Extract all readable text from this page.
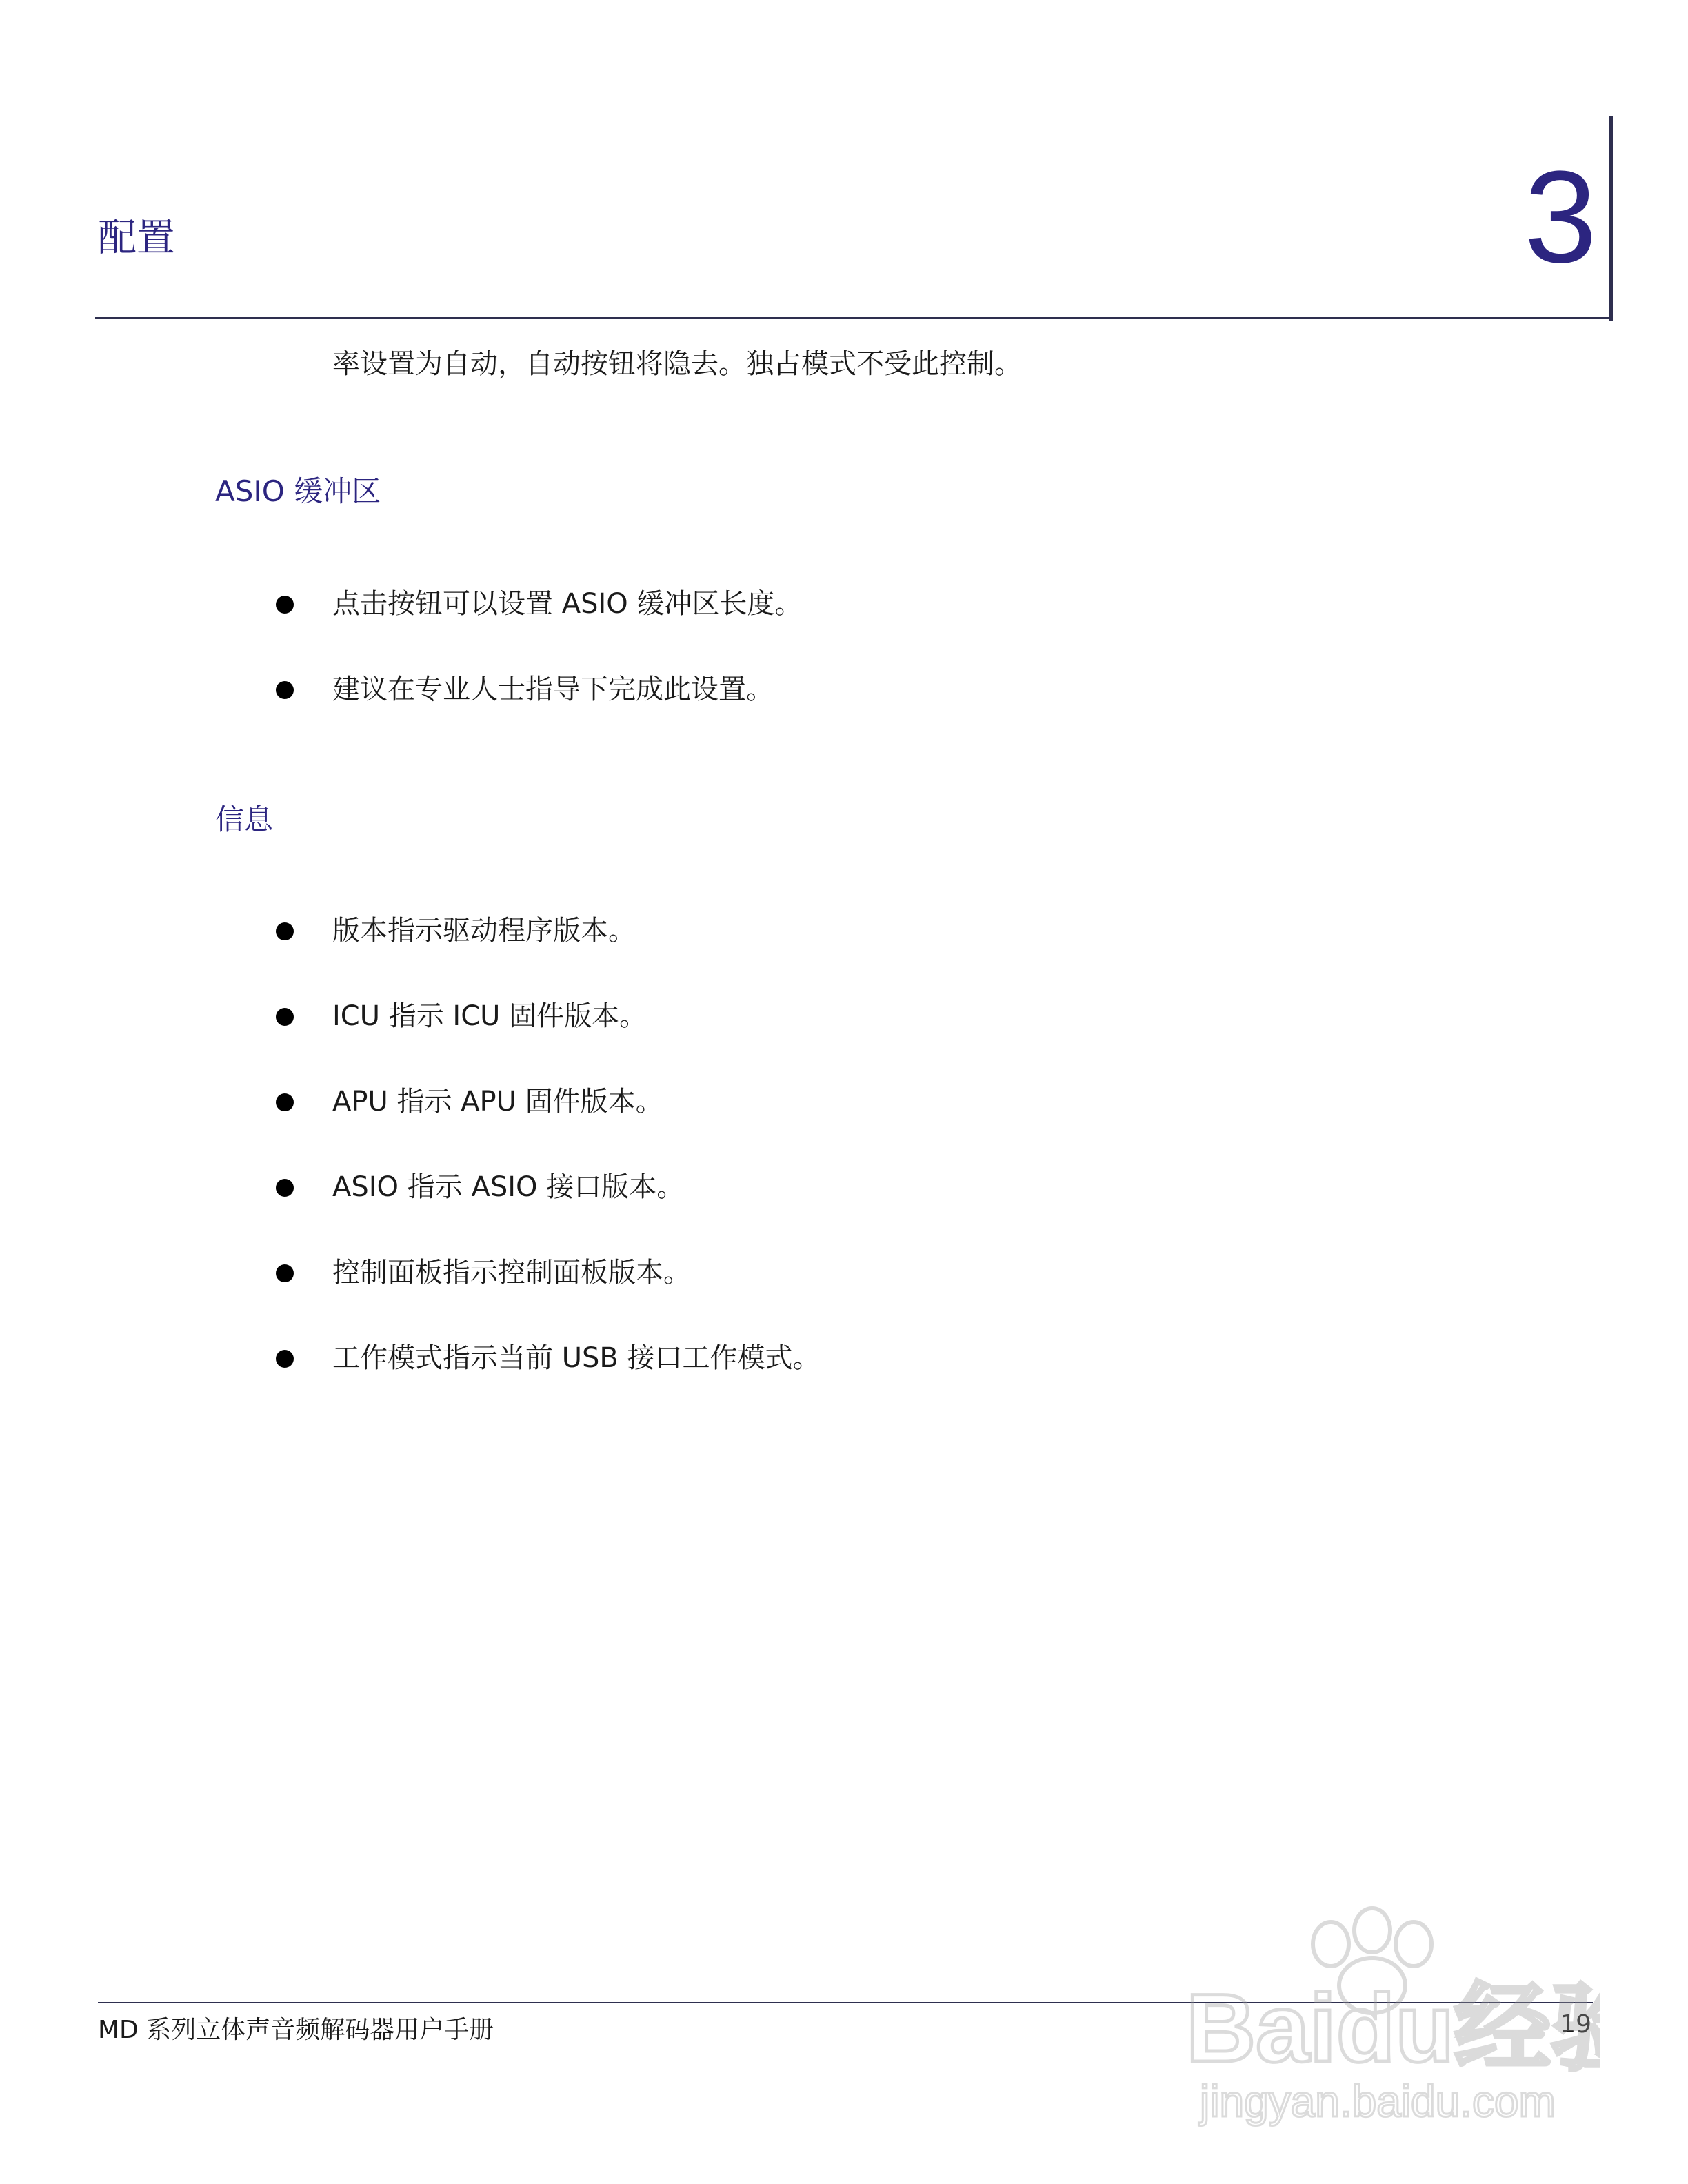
配置	3
率设置为自动，自动按钮将隐去。独占模式不受此控制。
ASIO 缓冲区
点击按钮可以设置 ASIO 缓冲区长度。
建议在专业人士指导下完成此设置。
信息
版本指示驱动程序版本。
ICU 指示 ICU 固件版本。
APU 指示 APU 固件版本。
ASIO 指示 ASIO 接口版本。
控制面板指示控制面板版本。
工作模式指示当前 USB 接口工作模式。
MD 系列立体声音频解码器用户手册	19
Baidu经验
jingyan.baidu.com
